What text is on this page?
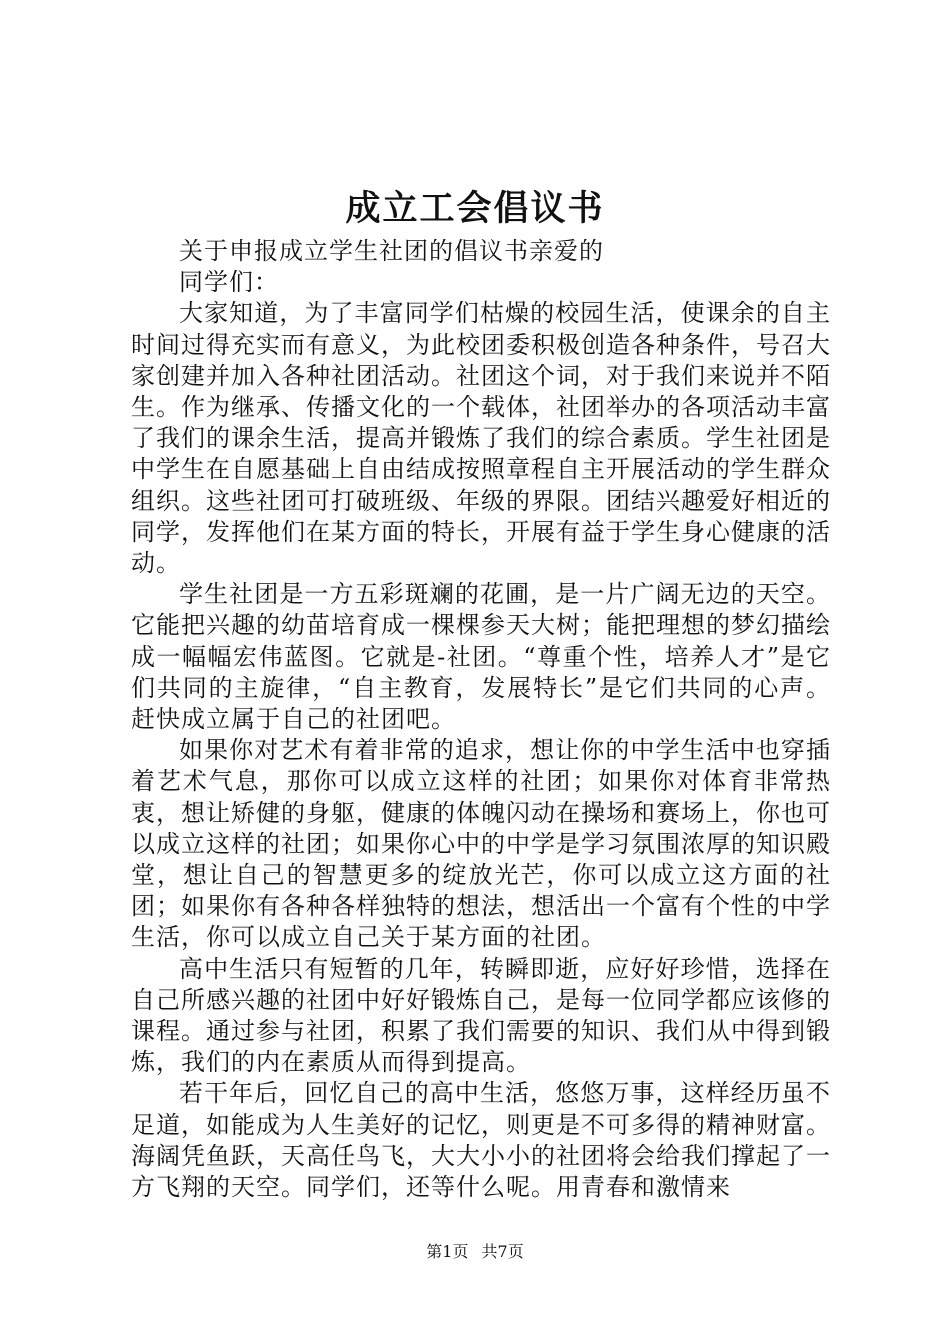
成立工会倡议书

关于申报成立学生社团的倡议书亲爱的

同学们：

大家知道，为了丰富同学们枯燥的校园生活，使课余的自主时间过得充实而有意义，为此校团委积极创造各种条件，号召大家创建并加入各种社团活动。社团这个词，对于我们来说并不陌生。作为继承、传播文化的一个载体，社团举办的各项活动丰富了我们的课余生活，提高并锻炼了我们的综合素质。学生社团是中学生在自愿基础上自由结成按照章程自主开展活动的学生群众组织。这些社团可打破班级、年级的界限。团结兴趣爱好相近的同学，发挥他们在某方面的特长，开展有益于学生身心健康的活动。

学生社团是一方五彩斑斓的花圃，是一片广阔无边的天空。它能把兴趣的幼苗培育成一棵棵参天大树；能把理想的梦幻描绘成一幅幅宏伟蓝图。它就是-社团。“尊重个性，培养人才”是它们共同的主旋律，“自主教育，发展特长”是它们共同的心声。赶快成立属于自己的社团吧。

如果你对艺术有着非常的追求，想让你的中学生活中也穿插着艺术气息，那你可以成立这样的社团；如果你对体育非常热衷，想让矫健的身躯，健康的体魄闪动在操场和赛场上，你也可以成立这样的社团；如果你心中的中学是学习氛围浓厚的知识殿堂，想让自己的智慧更多的绽放光芒，你可以成立这方面的社团；如果你有各种各样独特的想法，想活出一个富有个性的中学生活，你可以成立自己关于某方面的社团。

高中生活只有短暂的几年，转瞬即逝，应好好珍惜，选择在自己所感兴趣的社团中好好锻炼自己，是每一位同学都应该修的课程。通过参与社团，积累了我们需要的知识、我们从中得到锻炼，我们的内在素质从而得到提高。

若干年后，回忆自己的高中生活，悠悠万事，这样经历虽不足道，如能成为人生美好的记忆，则更是不可多得的精神财富。海阔凭鱼跃，天高任鸟飞，大大小小的社团将会给我们撑起了一方飞翔的天空。同学们，还等什么呢。用青春和激情来

第1页 共7页
